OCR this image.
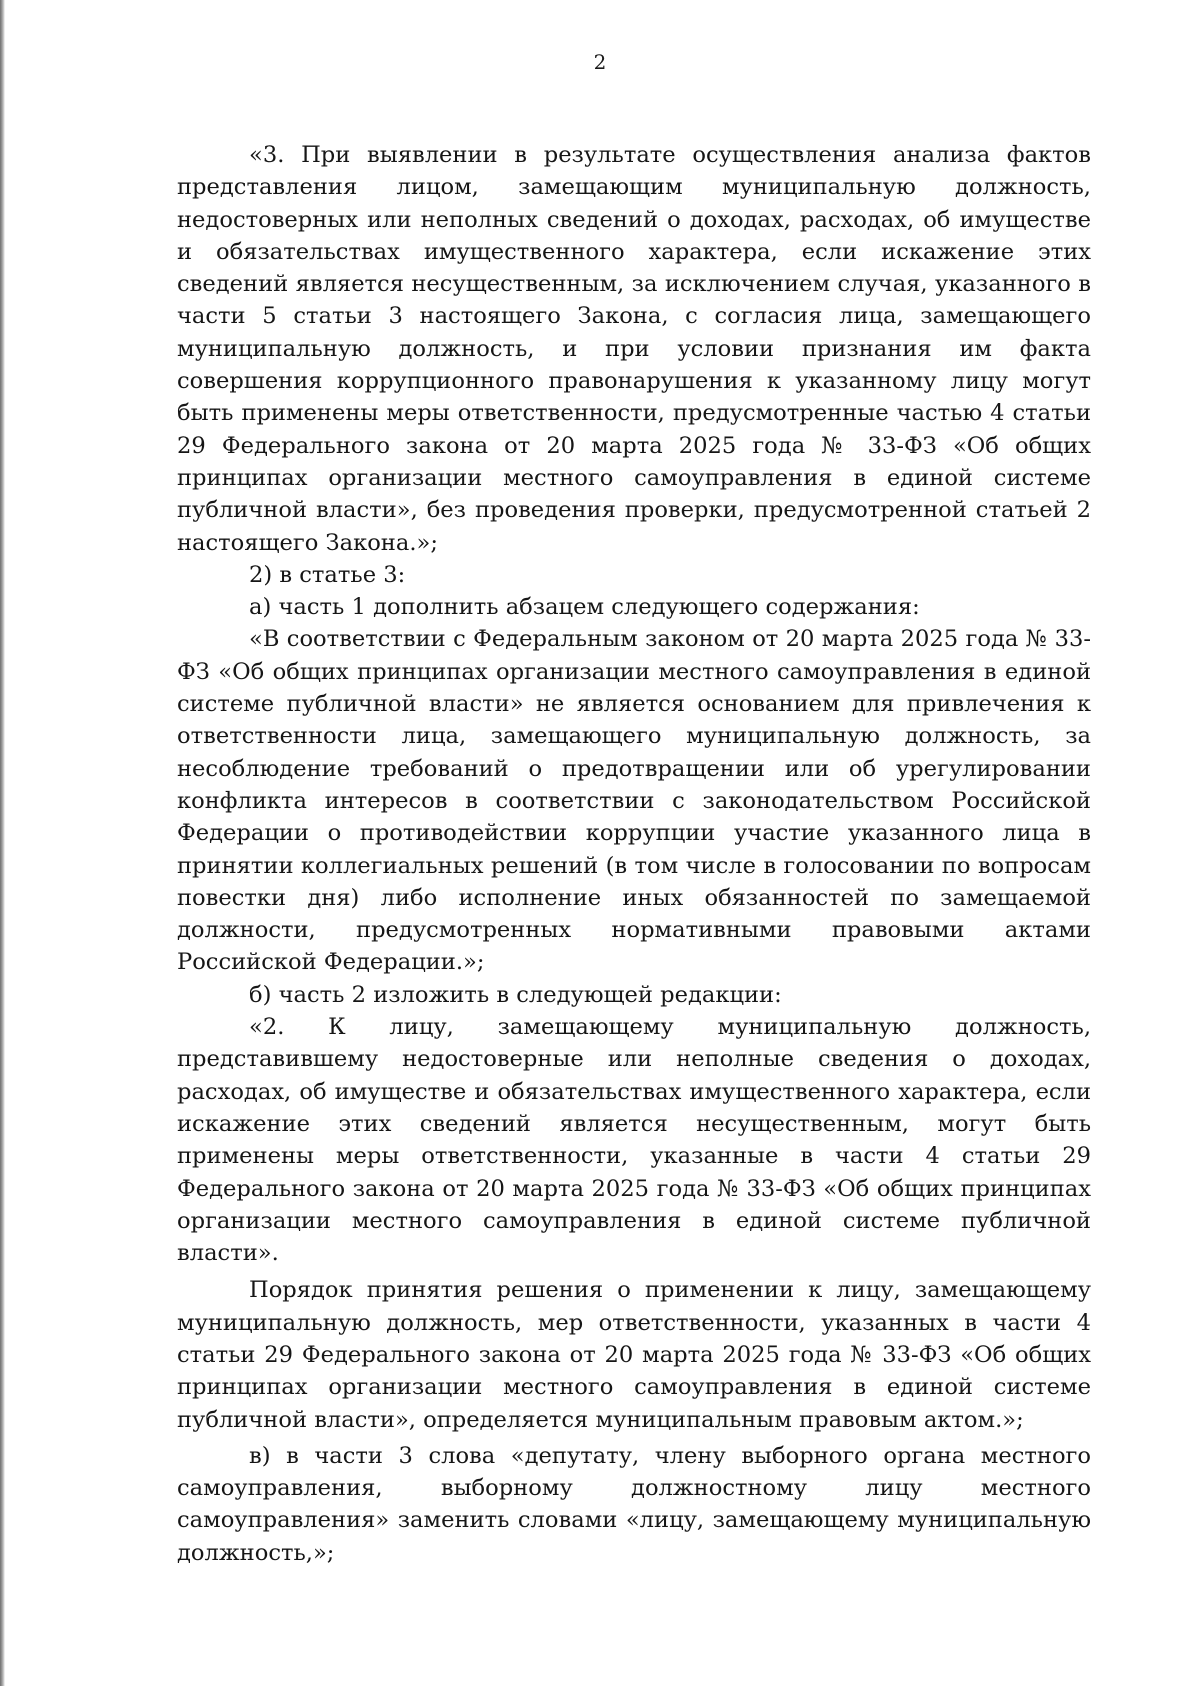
2

«3. При выявлении в результате осуществления анализа фактов представления лицом, замещающим муниципальную должность, недостоверных или неполных сведений о доходах, расходах, об имуществе и обязательствах имущественного характера, если искажение этих сведений является несущественным, за исключением случая, указанного в части 5 статьи 3 настоящего Закона, с согласия лица, замещающего муниципальную должность, и при условии признания им факта совершения коррупционного правонарушения к указанному лицу могут быть применены меры ответственности, предусмотренные частью 4 статьи 29 Федерального закона от 20 марта 2025 года № 33-ФЗ «Об общих принципах организации местного самоуправления в единой системе публичной власти», без проведения проверки, предусмотренной статьей 2 настоящего Закона.»;

2) в статье 3:

а) часть 1 дополнить абзацем следующего содержания:

«В соответствии с Федеральным законом от 20 марта 2025 года № 33-ФЗ «Об общих принципах организации местного самоуправления в единой системе публичной власти» не является основанием для привлечения к ответственности лица, замещающего муниципальную должность, за несоблюдение требований о предотвращении или об урегулировании конфликта интересов в соответствии с законодательством Российской Федерации о противодействии коррупции участие указанного лица в принятии коллегиальных решений (в том числе в голосовании по вопросам повестки дня) либо исполнение иных обязанностей по замещаемой должности, предусмотренных нормативными правовыми актами Российской Федерации.»;

б) часть 2 изложить в следующей редакции:

«2. К лицу, замещающему муниципальную должность, представившему недостоверные или неполные сведения о доходах, расходах, об имуществе и обязательствах имущественного характера, если искажение этих сведений является несущественным, могут быть применены меры ответственности, указанные в части 4 статьи 29 Федерального закона от 20 марта 2025 года № 33-ФЗ «Об общих принципах организации местного самоуправления в единой системе публичной власти».

Порядок принятия решения о применении к лицу, замещающему муниципальную должность, мер ответственности, указанных в части 4 статьи 29 Федерального закона от 20 марта 2025 года № 33-ФЗ «Об общих принципах организации местного самоуправления в единой системе публичной власти», определяется муниципальным правовым актом.»;

в) в части 3 слова «депутату, члену выборного органа местного самоуправления, выборному должностному лицу местного самоуправления» заменить словами «лицу, замещающему муниципальную должность,»;
